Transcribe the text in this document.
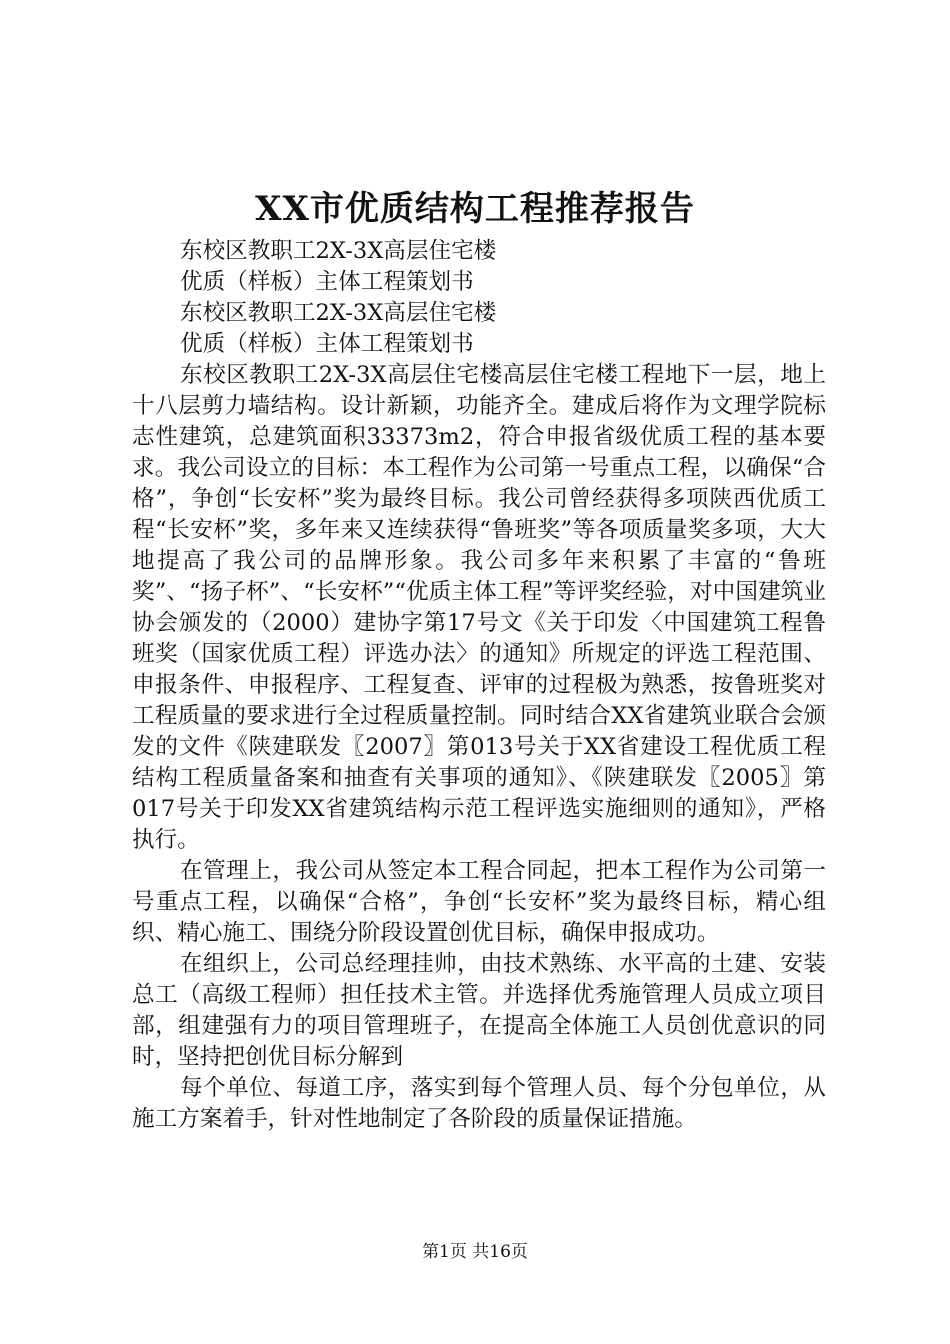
XX市优质结构工程推荐报告

东校区教职工2X-3X高层住宅楼

优质（样板）主体工程策划书

东校区教职工2X-3X高层住宅楼

优质（样板）主体工程策划书

东校区教职工2X-3X高层住宅楼高层住宅楼工程地下一层，地上十八层剪力墙结构。设计新颖，功能齐全。建成后将作为文理学院标志性建筑，总建筑面积33373m2，符合申报省级优质工程的基本要求。我公司设立的目标：本工程作为公司第一号重点工程，以确保“合格”，争创“长安杯”奖为最终目标。我公司曾经获得多项陕西优质工程“长安杯”奖，多年来又连续获得“鲁班奖”等各项质量奖多项，大大地提高了我公司的品牌形象。我公司多年来积累了丰富的“鲁班奖”、“扬子杯”、“长安杯”“优质主体工程”等评奖经验，对中国建筑业协会颁发的（2000）建协字第17号文《关于印发〈中国建筑工程鲁班奖（国家优质工程）评选办法〉的通知》所规定的评选工程范围、申报条件、申报程序、工程复查、评审的过程极为熟悉，按鲁班奖对工程质量的要求进行全过程质量控制。同时结合XX省建筑业联合会颁发的文件《陕建联发〖2007〗第013号关于XX省建设工程优质工程结构工程质量备案和抽查有关事项的通知》、《陕建联发〖2005〗第017号关于印发XX省建筑结构示范工程评选实施细则的通知》，严格执行。

在管理上，我公司从签定本工程合同起，把本工程作为公司第一号重点工程，以确保“合格”，争创“长安杯”奖为最终目标，精心组织、精心施工、围绕分阶段设置创优目标，确保申报成功。

在组织上，公司总经理挂帅，由技术熟练、水平高的土建、安装总工（高级工程师）担任技术主管。并选择优秀施管理人员成立项目部，组建强有力的项目管理班子，在提高全体施工人员创优意识的同时，坚持把创优目标分解到

每个单位、每道工序，落实到每个管理人员、每个分包单位，从施工方案着手，针对性地制定了各阶段的质量保证措施。

第1页 共16页
